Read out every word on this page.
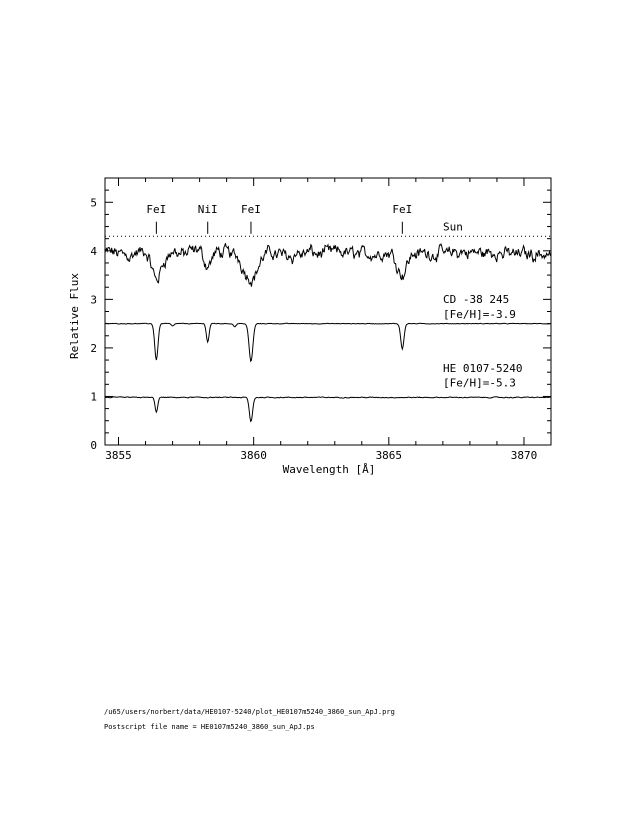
3855	3860	3865	3870
0
1
2
3
4
5
Sun
CD -38 245
[Fe/H]=-3.9
HE 0107-5240
[Fe/H]=-5.3
FeI	NiI FeI	FeI
Relative Flux
Wavelength [Å]
/u65/users/norbert/data/HE0107-5240/plot_HE0107m5240_3860_sun_ApJ.prg
Postscript file name = HE0107m5240_3860_sun_ApJ.ps
